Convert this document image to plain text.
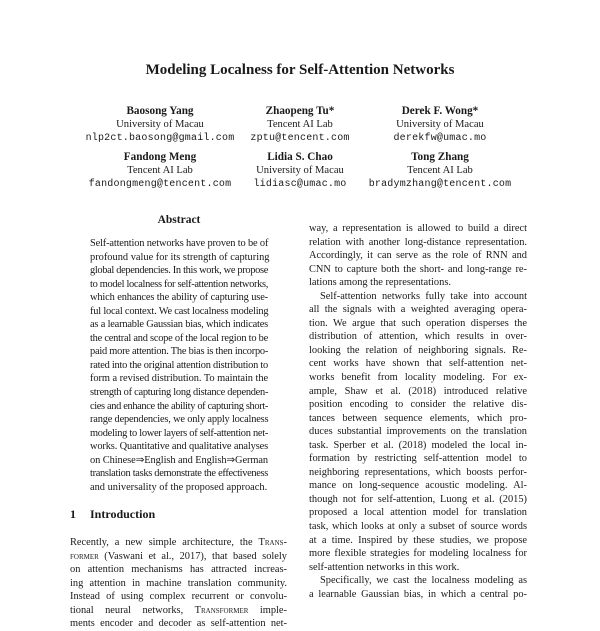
Modeling Localness for Self-Attention Networks
Baosong Yang
University of Macau
nlp2ct.baosong@gmail.com
Zhaopeng Tu*
Tencent AI Lab
zptu@tencent.com
Derek F. Wong*
University of Macau
derekfw@umac.mo
Fandong Meng
Tencent AI Lab
fandongmeng@tencent.com
Lidia S. Chao
University of Macau
lidiasc@umac.mo
Tong Zhang
Tencent AI Lab
bradymzhang@tencent.com
Abstract
Self-attention networks have proven to be of
profound value for its strength of capturing
global dependencies. In this work, we propose
to model localness for self-attention networks,
which enhances the ability of capturing use-
ful local context. We cast localness modeling
as a learnable Gaussian bias, which indicates
the central and scope of the local region to be
paid more attention. The bias is then incorpo-
rated into the original attention distribution to
form a revised distribution. To maintain the
strength of capturing long distance dependen-
cies and enhance the ability of capturing short-
range dependencies, we only apply localness
modeling to lower layers of self-attention net-
works. Quantitative and qualitative analyses
on Chinese⇒English and English⇒German
translation tasks demonstrate the effectiveness
and universality of the proposed approach.
1 Introduction
Recently, a new simple architecture, the Trans-
former (Vaswani et al., 2017), that based solely
on attention mechanisms has attracted increas-
ing attention in machine translation community.
Instead of using complex recurrent or convolu-
tional neural networks, Transformer imple-
ments encoder and decoder as self-attention net-
way, a representation is allowed to build a direct
relation with another long-distance representation.
Accordingly, it can serve as the role of RNN and
CNN to capture both the short- and long-range re-
lations among the representations.
Self-attention networks fully take into account
all the signals with a weighted averaging opera-
tion. We argue that such operation disperses the
distribution of attention, which results in over-
looking the relation of neighboring signals. Re-
cent works have shown that self-attention net-
works benefit from locality modeling. For ex-
ample, Shaw et al. (2018) introduced relative
position encoding to consider the relative dis-
tances between sequence elements, which pro-
duces substantial improvements on the translation
task. Sperber et al. (2018) modeled the local in-
formation by restricting self-attention model to
neighboring representations, which boosts perfor-
mance on long-sequence acoustic modeling. Al-
though not for self-attention, Luong et al. (2015)
proposed a local attention model for translation
task, which looks at only a subset of source words
at a time. Inspired by these studies, we propose
more flexible strategies for modeling localness for
self-attention networks in this work.
Specifically, we cast the localness modeling as
a learnable Gaussian bias, in which a central po-
